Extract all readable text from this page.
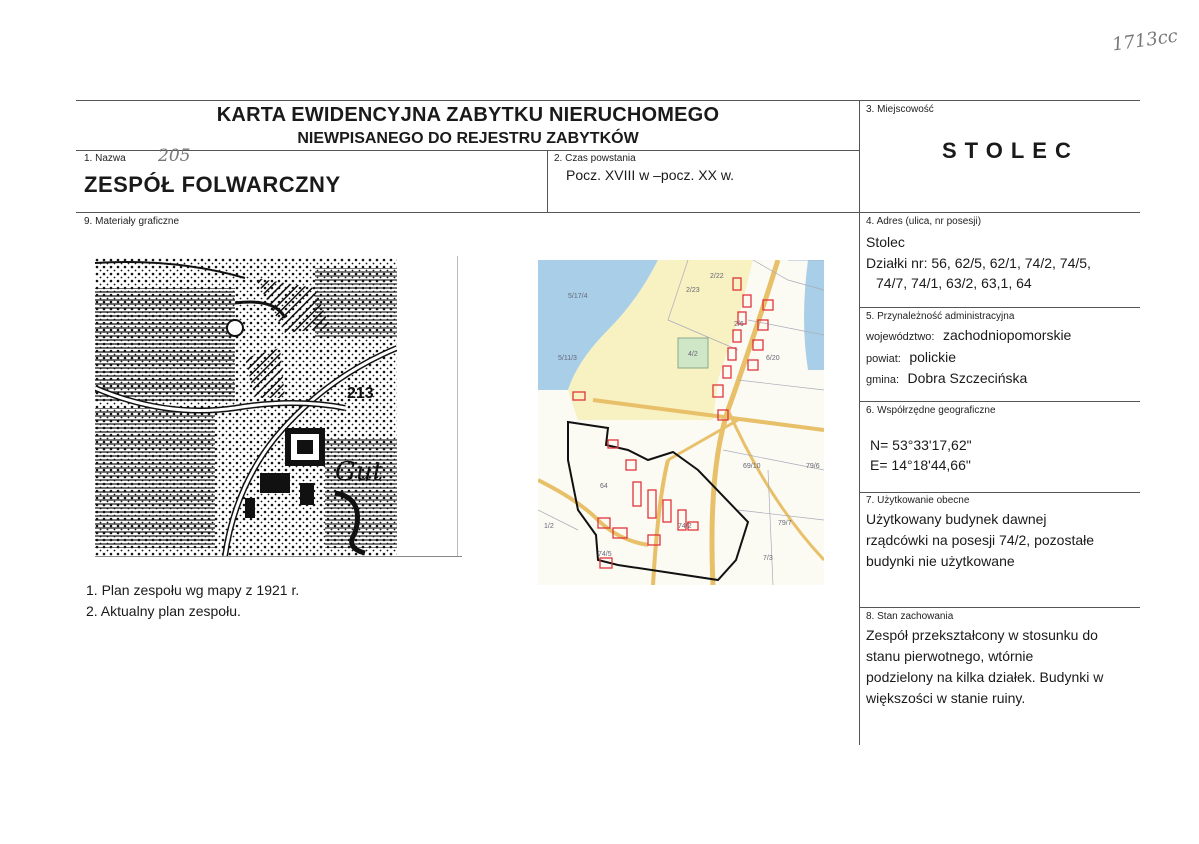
1713cc
KARTA EWIDENCYJNA ZABYTKU NIERUCHOMEGO
NIEWPISANEGO DO REJESTRU ZABYTKÓW
1. Nazwa 205
ZESPÓŁ FOLWARCZNY
2. Czas powstania
Pocz. XVIII w –pocz. XX w.
3. Miejscowość
STOLEC
4. Adres (ulica, nr posesji)
Stolec
Działki nr: 56, 62/5, 62/1, 74/2, 74/5,
74/7, 74/1, 63/2, 63,1, 64
5. Przynależność administracyjna
województwo: zachodniopomorskie
powiat: polickie
gmina: Dobra Szczecińska
6. Współrzędne geograficzne
N= 53°33'17,62"
E= 14°18'44,66"
7. Użytkowanie obecne
Użytkowany budynek dawnej
rządcówki na posesji 74/2, pozostałe
budynki nie użytkowane
8. Stan zachowania
Zespół przekształcony w stosunku do
stanu pierwotnego, wtórnie
podzielony na kilka działek. Budynki w
większości w stanie ruiny.
9. Materiały graficzne
213
Gut
5/17/4
5/11/3
2/23
2/22
4/2
2/6
6/20
64
74/2
69/10
1/2
74/5
79/7
79/6
7/3
1. Plan zespołu wg mapy z 1921 r.
2. Aktualny plan zespołu.
